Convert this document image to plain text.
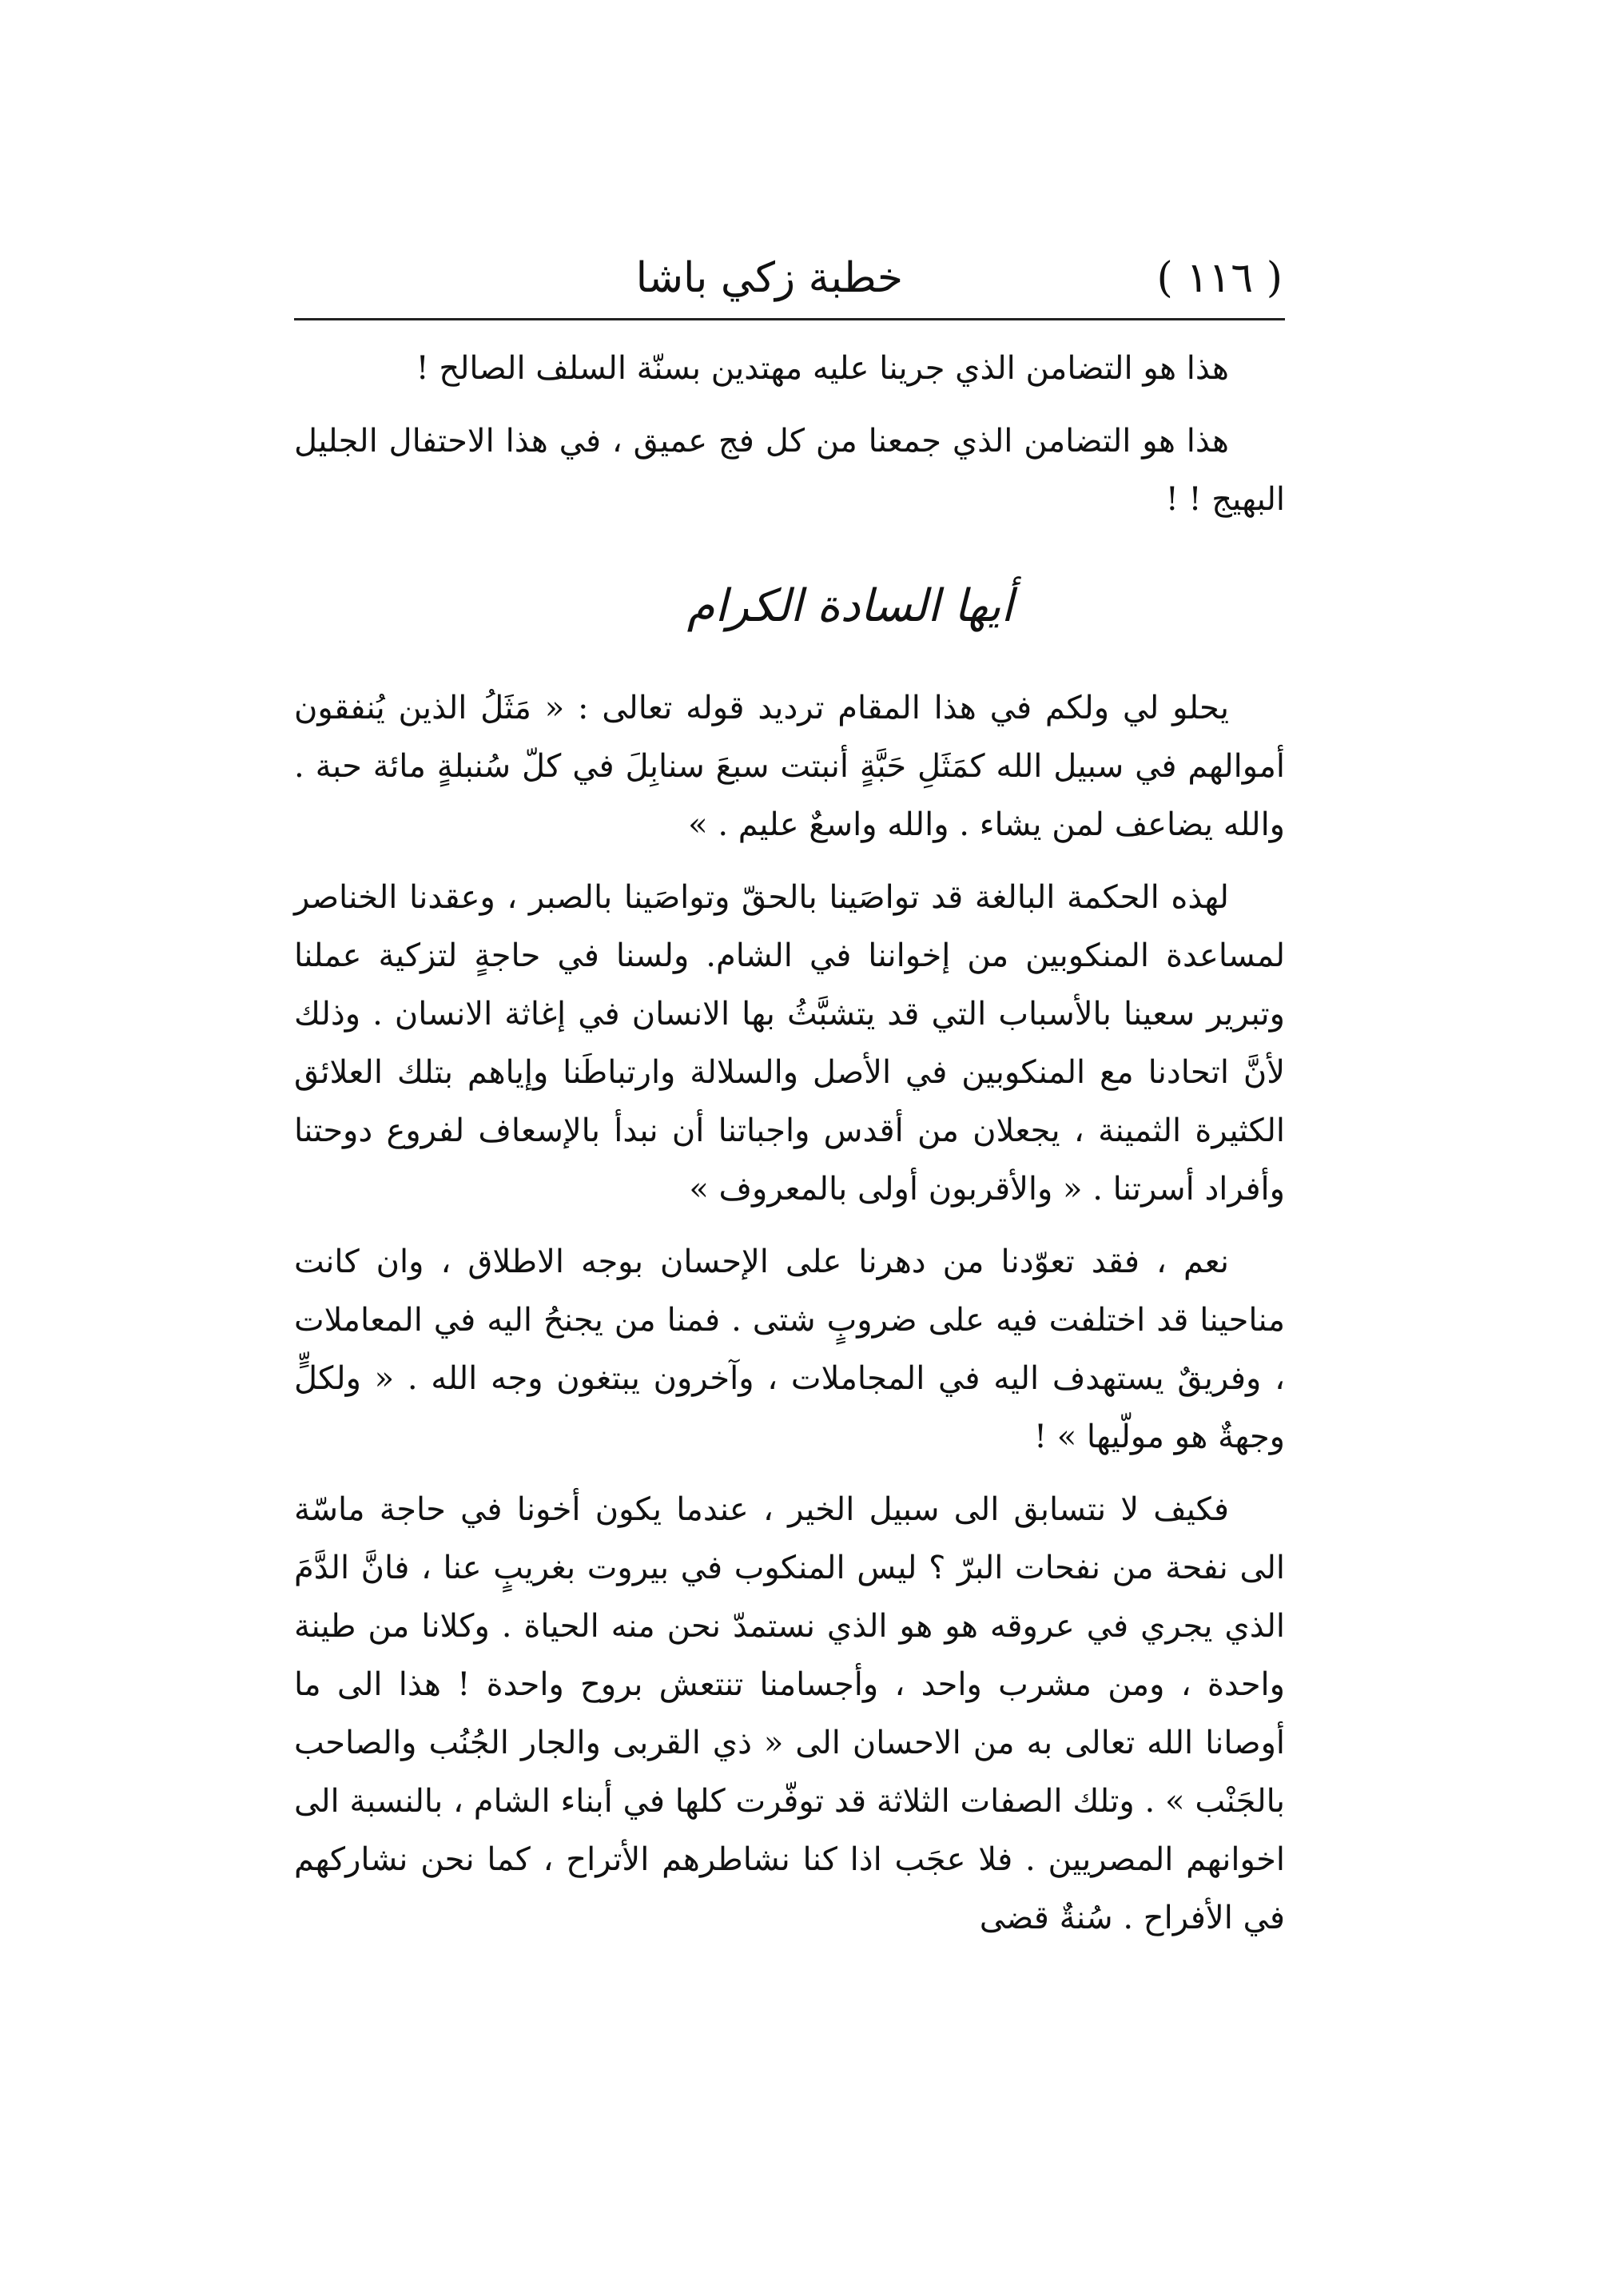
خطبة زكي باشا	( ١١٦ )

هذا هو التضامن الذي جرينا عليه مهتدين بسنّة السلف الصالح !

هذا هو التضامن الذي جمعنا من كل فج عميق ، في هذا الاحتفال الجليل البهيج ! !

أيها السادة الكرام

يحلو لي ولكم في هذا المقام ترديد قوله تعالى : « مَثَلُ الذين يُنفقون أموالهم في سبيل الله كمَثَلِ حَبَّةٍ أنبتت سبعَ سنابِلَ في كلّ سُنبلةٍ مائة حبة . والله يضاعف لمن يشاء . والله واسعٌ عليم . »

لهذه الحكمة البالغة قد تواصَينا بالحقّ وتواصَينا بالصبر ، وعقدنا الخناصر لمساعدة المنكوبين من إخواننا في الشام. ولسنا في حاجةٍ لتزكية عملنا وتبرير سعينا بالأسباب التي قد يتشبَّثُ بها الانسان في إغاثة الانسان . وذلك لأنَّ اتحادنا مع المنكوبين في الأصل والسلالة وارتباطَنا وإياهم بتلك العلائق الكثيرة الثمينة ، يجعلان من أقدس واجباتنا أن نبدأ بالإسعاف لفروع دوحتنا وأفراد أسرتنا . « والأقربون أولى بالمعروف »

نعم ، فقد تعوّدنا من دهرنا على الإحسان بوجه الاطلاق ، وان كانت مناحينا قد اختلفت فيه على ضروبٍ شتى . فمنا من يجنحُ اليه في المعاملات ، وفريقٌ يستهدف اليه في المجاملات ، وآخرون يبتغون وجه الله . « ولكلٍّ وجهةٌ هو مولّيها » !

فكيف لا نتسابق الى سبيل الخير ، عندما يكون أخونا في حاجة ماسّة الى نفحة من نفحات البرّ ؟ ليس المنكوب في بيروت بغريبٍ عنا ، فانَّ الدَّمَ الذي يجري في عروقه هو هو الذي نستمدّ نحن منه الحياة . وكلانا من طينة واحدة ، ومن مشرب واحد ، وأجسامنا تنتعش بروح واحدة ! هذا الى ما أوصانا الله تعالى به من الاحسان الى « ذي القربى والجار الجُنُب والصاحب بالجَنْب » . وتلك الصفات الثلاثة قد توفّرت كلها في أبناء الشام ، بالنسبة الى اخوانهم المصريين . فلا عجَب اذا كنا نشاطرهم الأتراح ، كما نحن نشاركهم في الأفراح . سُنةٌ قضى
